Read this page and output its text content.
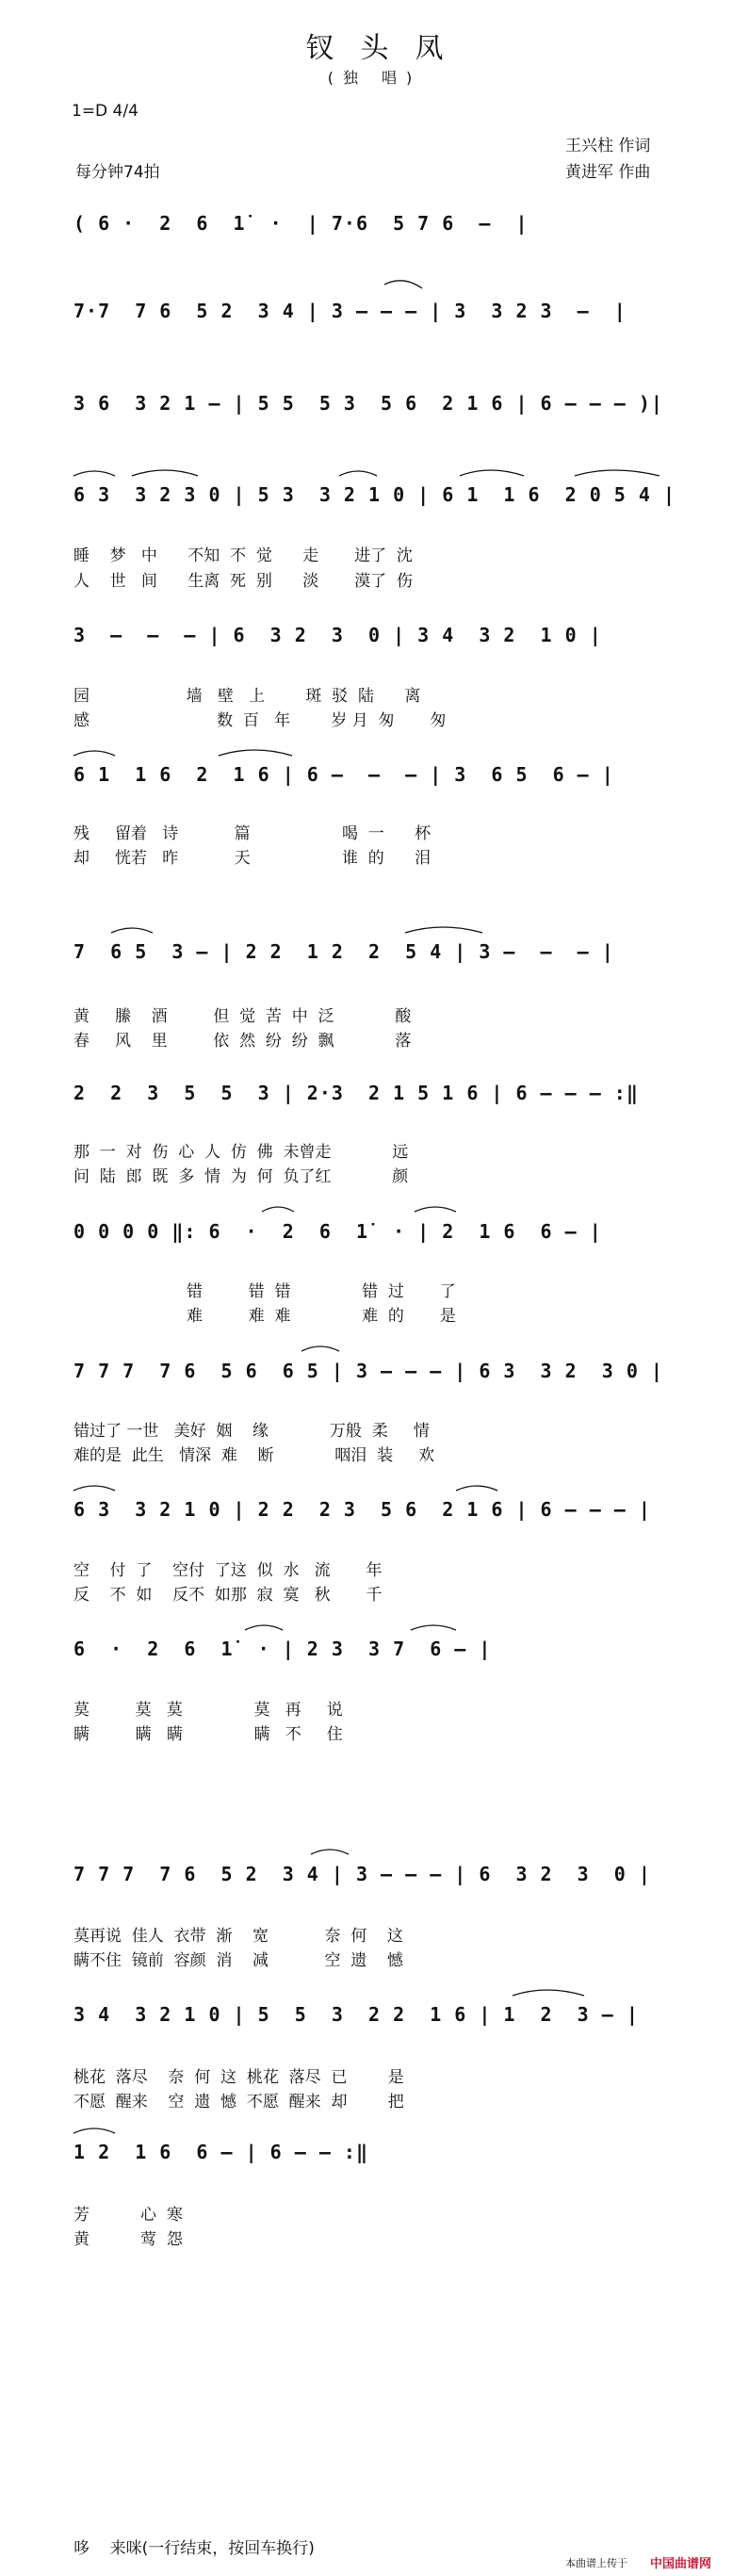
钗头凤
(独 唱)
1=D 4/4
王兴柱 作词
每分钟74拍	黄进军 作曲
( 6 ·  2  6  1̇  ·  | 7·6  5 7 6  —  |
7·7  7 6  5 2  3 4 | 3 — — — | 3  3 2 3  —  |
3 6  3 2 1 — | 5 5  5 3  5 6  2 1 6 | 6 — — — )|
6 3  3 2 3 0 | 5 3  3 2 1 0 | 6 1  1 6  2 0 5 4 |
睡    梦   中      不知  不  觉      走       进了  沈
人    世   间      生离  死  别      淡       漠了  伤
3  —  —  — | 6  3 2  3  0 | 3 4  3 2  1 0 |
园                   墙   壁   上        斑  驳  陆      离
感                         数  百   年        岁 月  匆       匆
6 1  1 6  2  1 6 | 6 —  —  — | 3  6 5  6 — |
残     留着   诗           篇                  喝  一      杯
却     恍若   昨           天                  谁  的      泪
7  6 5  3 — | 2 2  1 2  2  5 4 | 3 —  —  — |
黄     縢    酒         但  觉  苦  中  泛            酸
春     风    里         依  然  纷  纷  飘            落
2  2  3  5  5  3 | 2·3  2 1 5 1 6 | 6 — — — :‖
那  一  对  伤  心  人  仿  佛  未曾走            远
问  陆  郎  既  多  情  为  何  负了红            颜
0 0 0 0 ‖: 6  ·  2  6  1̇  · | 2  1 6  6 — |
错         错  错              错  过       了
难         难  难              难  的       是
7 7 7  7 6  5 6  6 5 | 3 — — — | 6 3  3 2  3 0 |
错过了 一世   美好  姻    缘            万般  柔     情
难的是  此生   情深  难    断            咽泪  装     欢
6 3  3 2 1 0 | 2 2  2 3  5 6  2 1 6 | 6 — — — |
空    付  了    空付  了这  似  水   流       年
反    不  如    反不  如那  寂  寞   秋       千
6  ·  2  6  1̇  · | 2 3  3 7  6 — |
莫         莫   莫              莫   再     说
瞒         瞒   瞒              瞒   不     住
7 7 7  7 6  5 2  3 4 | 3 — — — | 6  3 2  3  0 |
莫再说  佳人  衣带  渐    宽           奈  何    这
瞒不住  镜前  容颜  消    减           空  遗    憾
3 4  3 2 1 0 | 5  5  3  2 2  1 6 | 1  2  3 — |
桃花  落尽    奈  何  这  桃花  落尽  已        是
不愿  醒来    空  遗  憾  不愿  醒来  却        把
1 2  1 6  6 — | 6 — — :‖
芳          心  寒
黄          莺  怨
哆    来咪(一行结束，按回车换行)
本曲谱上传于 中国曲谱网
